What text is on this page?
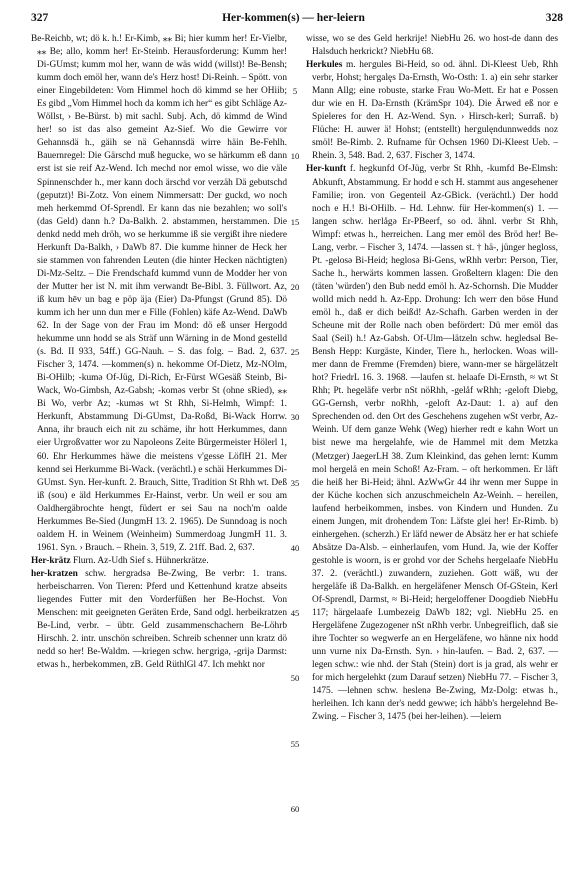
327	Her-kommen(s) — her-leiern	328

Be-Reichb, wt; dö k. h.! Er-Kimb, ⁎⁎ Bi; hier kumm her! Er-Vielbr, ⁎⁎ Be; allo, komm her! Er-Steinb. Herausforderung: Kumm her! Di-GUmst; kumm mol her, wann de wäs widd (willst)! Be-Bensh; kumm doch emöl her, wann de's Herz host! Di-Reinh. – Spött. von einer Eingebildeten: Vom Himmel hoch dö kimmd se her OHiib; Es gibd „Vom Himmel hoch da komm ich her“ es gibt Schläge Az-Wöllst, › Be-Bürst. b) mit sachl. Subj. Ach, dö kimmd de Wind her! so ist das also gemeint Az-Sief. Wo die Gewirre vor Gehannsdä h., gäih se nä Gehannsdä wirre häin Be-Fehlh. Bauernregel: Die Gärschd muß heguckе, wo se härkumm eß dann erst ist sie reif Az-Wend. Ich mechd nor emol wisse, wo die väle Spinnenschder h., mer kann doch ärschd vor verzäh Dä gebutschd (geputzt)! Bi-Zotz. Von einem Nimmersatt: Der guckd, wo noch meh herkemmd Of-Sprendl. Er kann das nie bezahlen; wo soll's (das Geld) dann h.? Da-Balkh. 2. abstammen, herstammen. Die denkd nedd meh dröh, wo se herkumme iß sie vergißt ihre niedere Herkunft Da-Balkh, › DaWb 87. Die kumme hinner de Heck her sie stammen von fahrenden Leuten (die hinter Hecken nächtigten) Di-Mz-Seltz. – Die Frendschafd kummd vunn de Modder her von der Mutter her ist N. mit ihm verwandt Be-Bibl. 3. Füllwort. Az, iß kum hēv un bag e pöp äja (Eier) Da-Pfungst (Grund 85). Dö kumm ich her unn dun mer e Fille (Fohlen) käfe Az-Wend. DaWb 62. In der Sage von der Frau im Mond: dö eß unser Hergodd hekumme unn hodd se als Sträf unn Wärning in de Mond gestelld (s. Bd. II 933, 54ff.) GG-Nauh. – S. das folg. – Bad. 2, 637. Fischer 3, 1474. —kommen(s) n. hekomme Of-Dietz, Mz-NOlm, Bi-OHilb; -kumә Of-Jüg, Di-Rich, Er-Fürst WGesäß Steinb, Bi-Wack, Wo-Gimbsh, Az-Gabsh; -komәs verbr St (ohne sRied), ⁎⁎ Bi Wo, verbr Az; -kumәs wt St Rhh, Si-Helmh, Wimpf: 1. Herkunft, Abstammung Di-GUmst, Da-Roßd, Bi-Wack Horrw. Anna, ihr brauch eich nit zu schäme, ihr hott Herkummes, dann eier Urgroßvatter wor zu Napoleons Zeite Bürgermeister Hölerl 1, 60. Ehr Herkummes häwe die meistens v'gesse LöflH 21. Mer kennd sei Herkumme Bi-Wack. (verächtl.) e schäi Herkummes Di-GUmst. Syn. Her-kunft. 2. Brauch, Sitte, Tradition St Rhh wt. Deß iß (sou) e äld Herkummes Er-Hainst, verbr. Un weil er sou am Oaldhergäbrochte hengt, füdert er sei Sau na noch'm oalde Herkummes Be-Sied (JungmH 13. 2. 1965). De Sunndoag is noch oaldem H. in Weinem (Weinheim) Summerdoag JungmH 11. 3. 1961. Syn. › Brauch. – Rhein. 3, 519, Z. 21ff. Bad. 2, 637.

Her-krätz Flurn. Az-Udh Sief s. Hühnerkrätze.

her-kratzen schw. hегgradsә Be-Zwing, Be verbr: 1. trans. herbeischarren. Von Tieren: Pferd und Kettenhund kratze abseits liegendes Futter mit den Vorderfüßen her Be-Hochst. Von Menschen: mit geeigneten Geräten Erde, Sand odgl. herbeikratzen Be-Lind, verbr. – übtr. Geld zusammenschachern Be-Löhrb Hirschh. 2. intr. unschön schreiben. Schreib schenner unn kratz dö nedd so her! Be-Waldm. —kriegen schw. hегgrigә, -grijә Darmst: etwas h., herbekommen, zB. Geld RüthlGl 47. Ich mehkt nor

5
10
15
20
25
30
35
40
45
50
55
60

wisse, wo se des Geld herkrije! NiebHu 26. wo host-de dann des Halsduch herkrickt? NiebHu 68.

Herkules m. hегgules Bi-Heid, so od. ähnl. Di-Kleest Ueb, Rhh verbr, Hohst; hегgalęs Da-Ernsth, Wo-Osth: 1. a) ein sehr starker Mann Allg; eine robuste, starke Frau Wo-Mett. Er hat e Possen dur wie en H. Da-Ernsth (KrämSpr 104). Die Ärwed eß nor e Spieleres for den H. Az-Wend. Syn. › Hirsch-kerl; Surraß. b) Flüche: H. auwer ä! Hohst; (entstellt) hегgulęndunnwedds noz smöl! Be-Rimb. 2. Rufname für Ochsen 1960 Di-Kleest Ueb. – Rhein. 3, 548. Bad. 2, 637. Fischer 3, 1474.

Her-kunft f. hegkunfd Of-Jüg, verbr St Rhh, -kumfd Be-Elmsh: Abkunft, Abstammung. Er hodd e sch H. stammt aus angesehener Familie; iron. von Gegenteil Az-GBick. (verächtl.) Der hodd noch e H.! Bi-OHilb. – Hd. Lehnw. für Her-kommen(s) 1. —langen schw. hегlågә Er-PBeerf, so od. ähnl. verbr St Rhh, Wimpf: etwas h., herreichen. Lang mer emöl des Bröd her! Be-Lang, verbr. – Fischer 3, 1474. —lassen st. † hä-, jünger hеgloss, Pt. -gelosә Bi-Heid; heglosә Bi-Gens, wRhh verbr: Person, Tier, Sache h., herwärts kommen lassen. Großeltern klagen: Die den (täten 'würden') den Bub nedd emöl h. Az-Schornsh. Die Mudder wolld mich nedd h. Az-Epp. Drohung: Ich werr den böse Hund emöl h., daß er dich beißd! Az-Schafh. Garben werden in der Scheune mit der Rolle nach oben befördert: Dü mer emöl das Saal (Seil) h.! Az-Gabsh. Of-Ulm—lätzeln schw. hеgledsәl Be-Bensh Hepp: Kurgäste, Kinder, Tiere h., herlocken. Woas will-mer dann de Fremme (Fremden) biere, wann-mer se härgelätzelt hot? FriedrL 16. 3. 1968. —laufen st. hеlaafe Di-Ernsth, ≈ wt St Rhh; Pt. hеgeläfe verbr nSt nöRhh, -gelåf wRhh; -geloft Diebg, GG-Gernsh, verbr noRhh, -geloft Az-Daut: 1. a) auf den Sprechenden od. den Ort des Geschehens zugehen wSt verbr, Az-Weinh. Uf dem ganze Wehk (Weg) hierher redt e kahn Wort un bist newe ma hergelahfe, wie de Hammel mit dem Metzka (Metzger) JaegerLH 38. Zum Kleinkind, das gehen lernt: Kumm mol hergelä en mein Schoß! Az-Fram. – oft herkommen. Er läft die heiß her Bi-Heid; ähnl. AzWwGr 44 ihr wenn mer Suppe in der Küche kochen sich anzuschmeicheln Az-Weinh. – hereilen, laufend herbeikommen, insbes. von Kindern und Hunden. Zu einem Jungen, mit drohendem Ton: Läfste glei her! Er-Rimb. b) einhergehen. (scherzh.) Er läfd newer de Absätz her er hat schiefe Absätze Da-Alsb. – einherlaufen, vom Hund. Ja, wie der Koffer gestohle is woorn, is er grohd vor der Schehs hergelaafe NiebHu 37. 2. (verächtl.) zuwandern, zuziehen. Gott wäß, wu der hergeläfe iß Da-Balkh. en hergeläfener Mensch Of-GStein, Kerl Of-Sprendl, Darmst, ≈ Bi-Heid; hergeloffener Doogdieb NiebHu 117; härgelaafe Lumbezeig DaWb 182; vgl. NiebHu 25. en Hergeläfene Zugezogener nSt nRhh verbr. Unbegreiflich, daß sie ihre Tochter so wegwerfe an en Hergeläfene, wo hänne nix hodd unn vurne nix Da-Ernsth. Syn. › hin-laufen. – Bad. 2, 637. —legen schw.: wie nhd. der Stah (Stein) dort is ja grad, als wehr er for mich hergelehkt (zum Darauf setzen) NiebHu 77. – Fischer 3, 1475. —lehnen schw. hеslenә Be-Zwing, Mz-Dolg: etwas h., herleihen. Ich kann der's nedd gewwe; ich häbb's hergelehnd Be-Zwing. – Fischer 3, 1475 (bei her-leihen). —leiern
